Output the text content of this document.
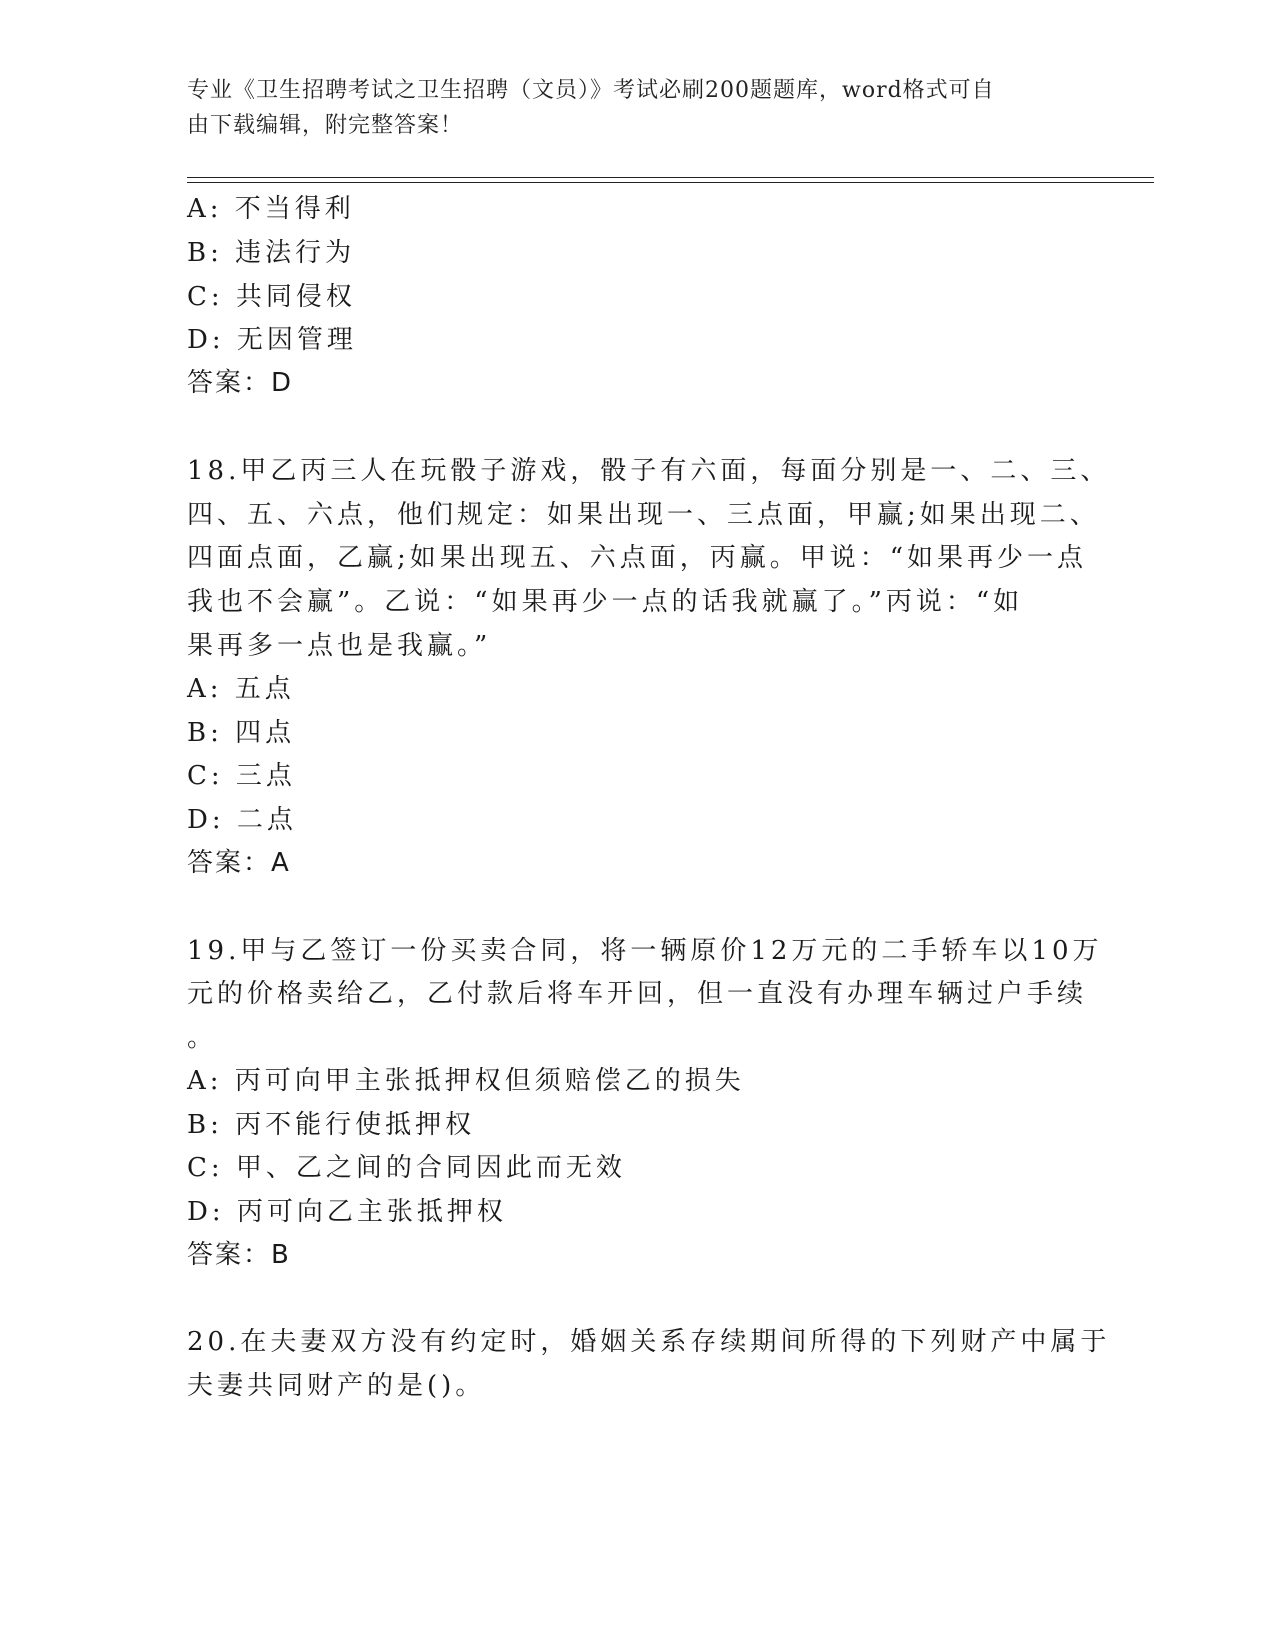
专业《卫生招聘考试之卫生招聘（文员）》考试必刷200题题库，word格式可自
由下载编辑，附完整答案！
A: 不当得利
B: 违法行为
C: 共同侵权
D: 无因管理
答案：D
18.甲乙丙三人在玩骰子游戏，骰子有六面，每面分别是一、二、三、
四、五、六点，他们规定：如果出现一、三点面，甲赢;如果出现二、
四面点面，乙赢;如果出现五、六点面，丙赢。甲说：“如果再少一点
我也不会赢”。乙说：“如果再少一点的话我就赢了。”丙说：“如
果再多一点也是我赢。”
A: 五点
B: 四点
C: 三点
D: 二点
答案：A
19.甲与乙签订一份买卖合同，将一辆原价12万元的二手轿车以10万
元的价格卖给乙，乙付款后将车开回，但一直没有办理车辆过户手续
。
A: 丙可向甲主张抵押权但须赔偿乙的损失
B: 丙不能行使抵押权
C: 甲、乙之间的合同因此而无效
D: 丙可向乙主张抵押权
答案：B
20.在夫妻双方没有约定时，婚姻关系存续期间所得的下列财产中属于
夫妻共同财产的是()。
